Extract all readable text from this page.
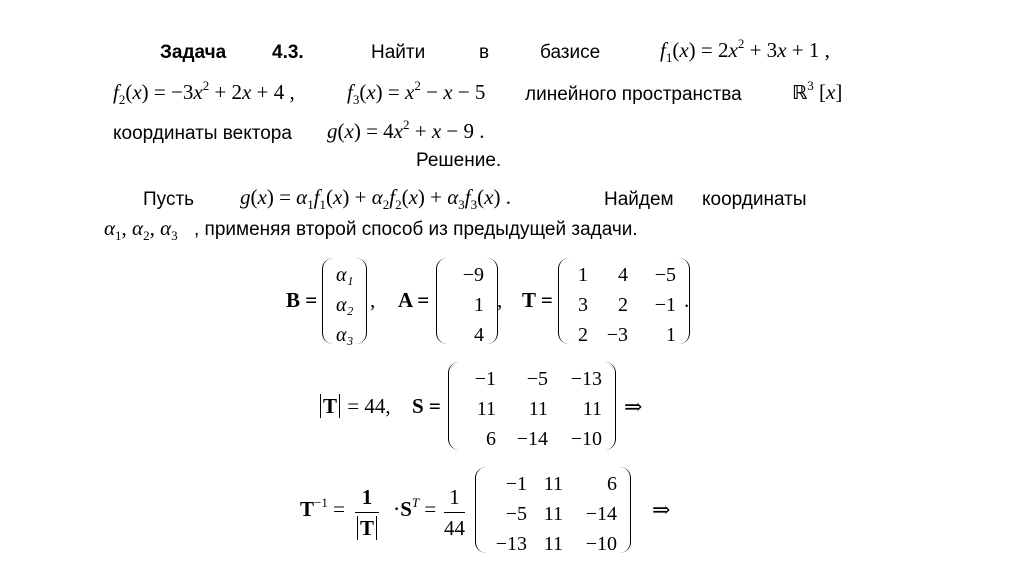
Задача 4.3.	Найти	в	базисе	$f_1(x) = 2x^2 + 3x + 1$ ,
$f_2(x) = -3x^2 + 2x + 4$ , $f_3(x) = x^2 - x - 5$ линейного пространства	ℝ$^3$ [x]
координаты вектора $g(x) = 4x^2 + x - 9$ .
Решение.
Пусть $g(x) = \alpha_1f_1(x) + \alpha_2f_2(x) + \alpha_3f_3(x)$ .	Найдем координаты
$\alpha_1$, $\alpha_2$, $\alpha_3$ , применяя второй способ из предыдущей задачи.
B =
α₁
α₂
α₃
, A =
−9
1
4
, T =
1	4	−5
3	2	−1
2 −3	1
.
T = 44, S =
−1	−5	−13
11	11	11
6	−14	−10
⇒
$T^{-1} = 1$
T
$\cdot S^T = 1$
44
−1 11	6
−5 11	−14
−13 11	−10
⇒
